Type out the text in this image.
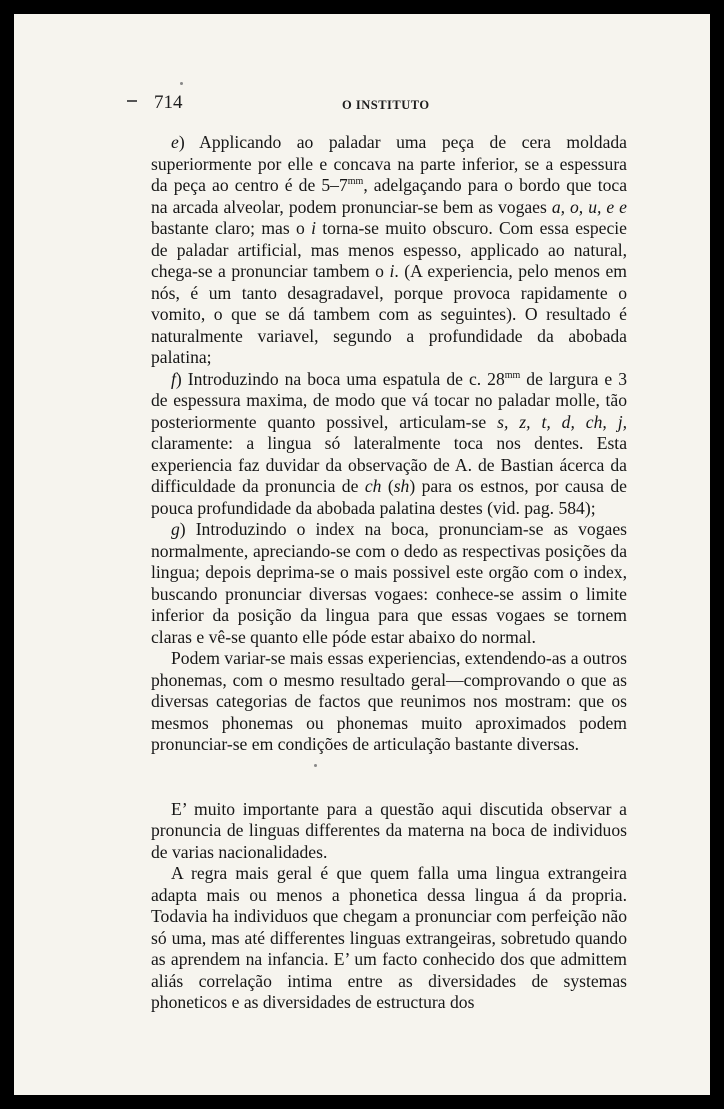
714	O INSTITUTO

e) Applicando ao paladar uma peça de cera moldada superiormente por elle e concava na parte inferior, se a espessura da peça ao centro é de $5-7^{mm}$, adelgaçando para o bordo que toca na arcada alveolar, podem pronunciar-se bem as vogaes a, o, u, e e bastante claro; mas o i torna-se muito obscuro. Com essa especie de paladar artificial, mas menos espesso, applicado ao natural, chega-se a pronunciar tambem o i. (A experiencia, pelo menos em nós, é um tanto desagradavel, porque provoca rapidamente o vomito, o que se dá tambem com as seguintes). O resultado é naturalmente variavel, segundo a profundidade da abobada palatina;

f) Introduzindo na boca uma espatula de c. $28^{mm}$ de largura e 3 de espessura maxima, de modo que vá tocar no paladar molle, tão posteriormente quanto possivel, articulam-se s, z, t, d, ch, j, claramente: a lingua só lateralmente toca nos dentes. Esta experiencia faz duvidar da observação de A. de Bastian ácerca da difficuldade da pronuncia de ch (sh) para os estnos, por causa de pouca profundidade da abobada palatina destes (vid. pag. 584);

g) Introduzindo o index na boca, pronunciam-se as vogaes normalmente, apreciando-se com o dedo as respectivas posições da lingua; depois deprima-se o mais possivel este orgão com o index, buscando pronunciar diversas vogaes: conhece-se assim o limite inferior da posição da lingua para que essas vogaes se tornem claras e vê-se quanto elle póde estar abaixo do normal.

Podem variar-se mais essas experiencias, extendendo-as a outros phonemas, com o mesmo resultado geral—comprovando o que as diversas categorias de factos que reunimos nos mostram: que os mesmos phonemas ou phonemas muito aproximados podem pronunciar-se em condições de articulação bastante diversas.

E’ muito importante para a questão aqui discutida observar a pronuncia de linguas differentes da materna na boca de individuos de varias nacionalidades.

A regra mais geral é que quem falla uma lingua extrangeira adapta mais ou menos a phonetica dessa lingua á da propria. Todavia ha individuos que chegam a pronunciar com perfeição não só uma, mas até differentes linguas extrangeiras, sobretudo quando as aprendem na infancia. E’ um facto conhecido dos que admittem aliás correlação intima entre as diversidades de systemas phoneticos e as diversidades de estructura dos
